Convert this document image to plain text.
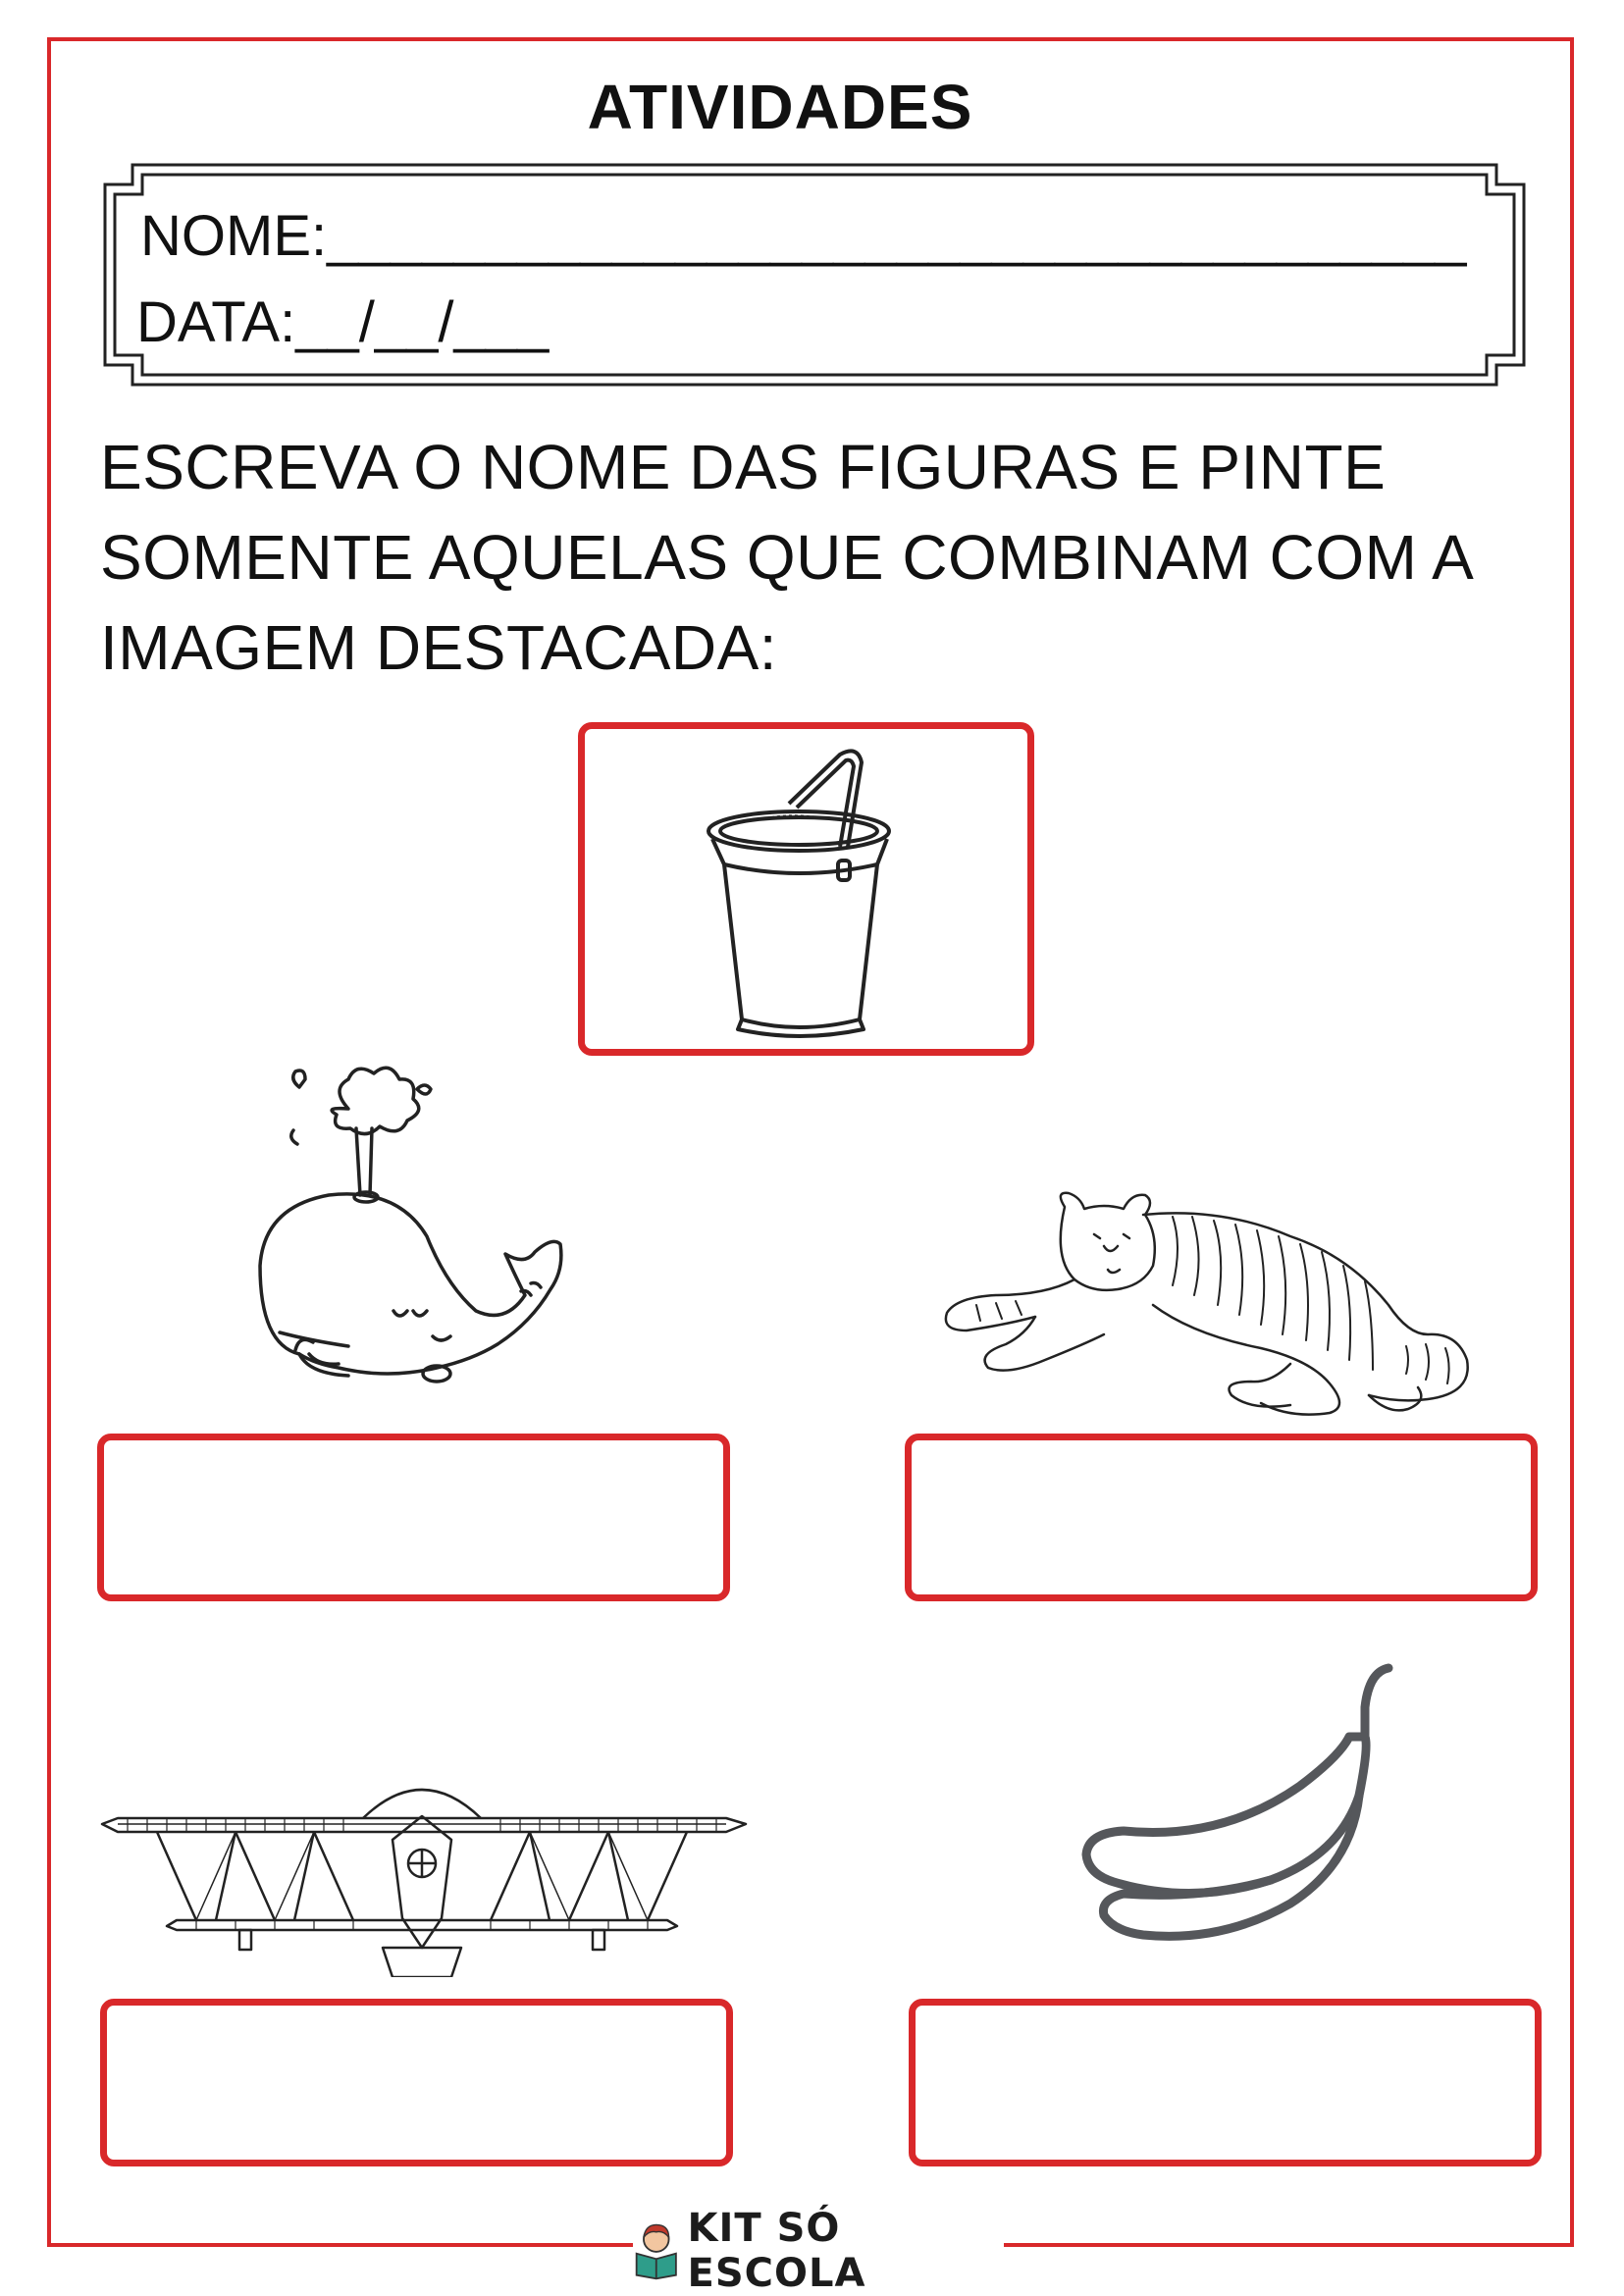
ATIVIDADES
NOME:____________________________________
DATA:__/__/___
ESCREVA O NOME DAS FIGURAS E PINTE SOMENTE AQUELAS QUE COMBINAM COM A IMAGEM DESTACADA:
KIT SÓ ESCOLA
